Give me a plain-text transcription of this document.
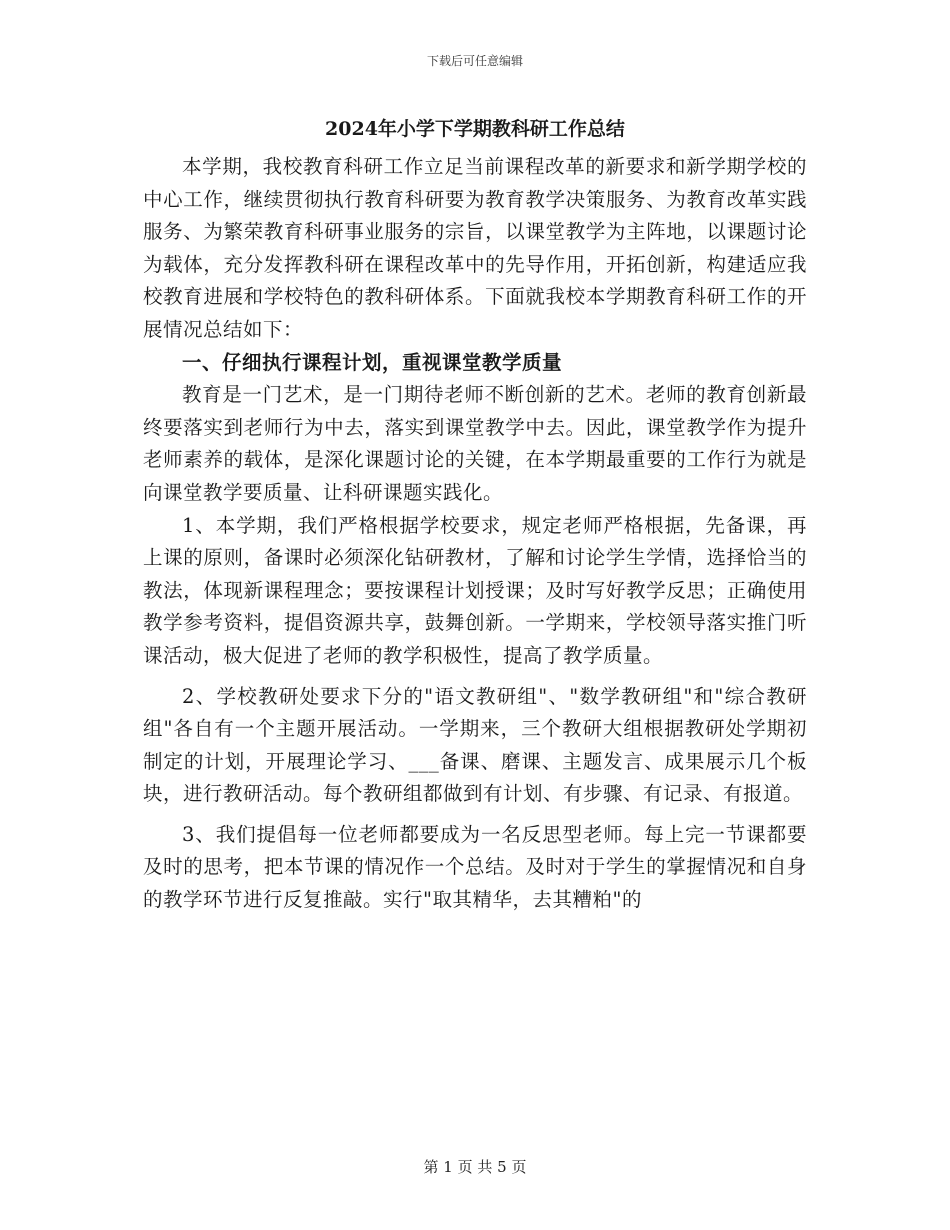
下载后可任意编辑
2024年小学下学期教科研工作总结

本学期，我校教育科研工作立足当前课程改革的新要求和新学期学校的中心工作，继续贯彻执行教育科研要为教育教学决策服务、为教育改革实践服务、为繁荣教育科研事业服务的宗旨，以课堂教学为主阵地，以课题讨论为载体，充分发挥教科研在课程改革中的先导作用，开拓创新，构建适应我校教育进展和学校特色的教科研体系。下面就我校本学期教育科研工作的开展情况总结如下：

一、仔细执行课程计划，重视课堂教学质量

教育是一门艺术，是一门期待老师不断创新的艺术。老师的教育创新最终要落实到老师行为中去，落实到课堂教学中去。因此，课堂教学作为提升老师素养的载体，是深化课题讨论的关键，在本学期最重要的工作行为就是向课堂教学要质量、让科研课题实践化。

1、本学期，我们严格根据学校要求，规定老师严格根据，先备课，再上课的原则，备课时必须深化钻研教材，了解和讨论学生学情，选择恰当的教法，体现新课程理念；要按课程计划授课；及时写好教学反思；正确使用教学参考资料，提倡资源共享，鼓舞创新。一学期来，学校领导落实推门听课活动，极大促进了老师的教学积极性，提高了教学质量。

2、学校教研处要求下分的"语文教研组"、"数学教研组"和"综合教研组"各自有一个主题开展活动。一学期来，三个教研大组根据教研处学期初制定的计划，开展理论学习、___备课、磨课、主题发言、成果展示几个板块，进行教研活动。每个教研组都做到有计划、有步骤、有记录、有报道。

3、我们提倡每一位老师都要成为一名反思型老师。每上完一节课都要及时的思考，把本节课的情况作一个总结。及时对于学生的掌握情况和自身的教学环节进行反复推敲。实行"取其精华，去其糟粕"的

第 1 页 共 5 页
